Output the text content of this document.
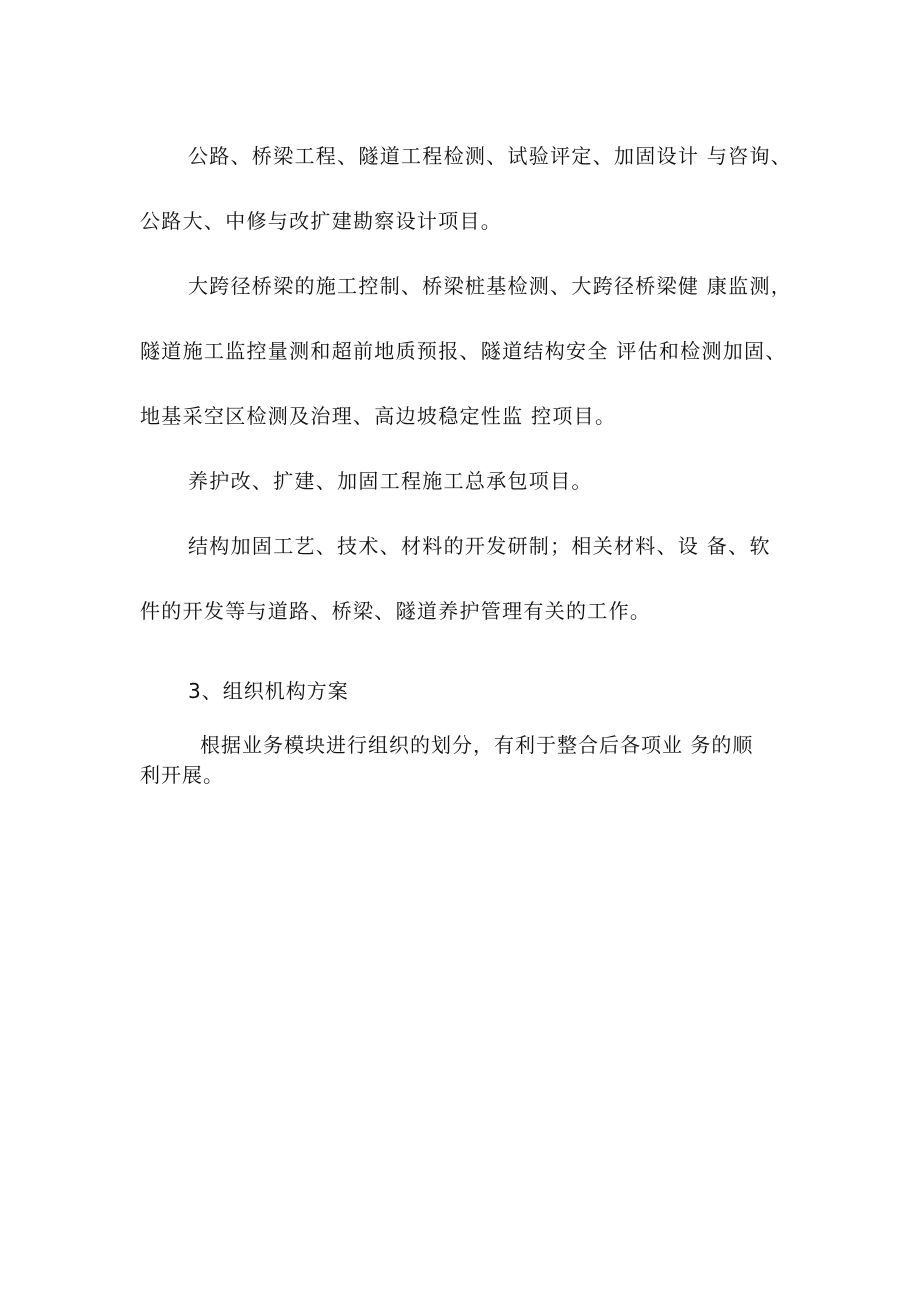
公路、桥梁工程、隧道工程检测、试验评定、加固设计 与咨询、

公路大、中修与改扩建勘察设计项目。

大跨径桥梁的施工控制、桥梁桩基检测、大跨径桥梁健 康监测，

隧道施工监控量测和超前地质预报、隧道结构安全 评估和检测加固、

地基采空区检测及治理、高边坡稳定性监 控项目。

养护改、扩建、加固工程施工总承包项目。

结构加固工艺、技术、材料的开发研制；相关材料、设 备、软

件的开发等与道路、桥梁、隧道养护管理有关的工作。

3、组织机构方案

根据业务模块进行组织的划分，有利于整合后各项业 务的顺

利开展。
